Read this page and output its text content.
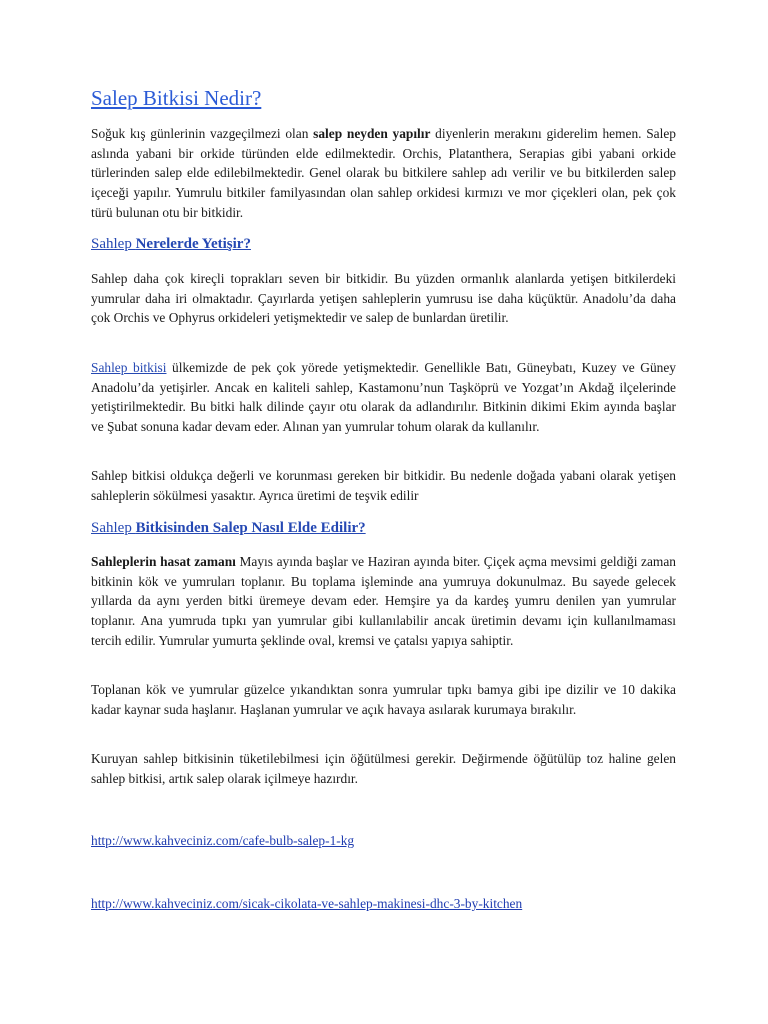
Salep Bitkisi Nedir?

Soğuk kış günlerinin vazgeçilmezi olan salep neyden yapılır diyenlerin merakını giderelim hemen. Salep aslında yabani bir orkide türünden elde edilmektedir. Orchis, Platanthera, Serapias gibi yabani orkide türlerinden salep elde edilebilmektedir. Genel olarak bu bitkilere sahlep adı verilir ve bu bitkilerden salep içeceği yapılır. Yumrulu bitkiler familyasından olan sahlep orkidesi kırmızı ve mor çiçekleri olan, pek çok türü bulunan otu bir bitkidir.

Sahlep Nerelerde Yetişir?

Sahlep daha çok kireçli toprakları seven bir bitkidir. Bu yüzden ormanlık alanlarda yetişen bitkilerdeki yumrular daha iri olmaktadır. Çayırlarda yetişen sahleplerin yumrusu ise daha küçüktür. Anadolu’da daha çok Orchis ve Ophyrus orkideleri yetişmektedir ve salep de bunlardan üretilir.

Sahlep bitkisi ülkemizde de pek çok yörede yetişmektedir. Genellikle Batı, Güneybatı, Kuzey ve Güney Anadolu’da yetişirler. Ancak en kaliteli sahlep, Kastamonu’nun Taşköprü ve Yozgat’ın Akdağ ilçelerinde yetiştirilmektedir. Bu bitki halk dilinde çayır otu olarak da adlandırılır. Bitkinin dikimi Ekim ayında başlar ve Şubat sonuna kadar devam eder. Alınan yan yumrular tohum olarak da kullanılır.

Sahlep bitkisi oldukça değerli ve korunması gereken bir bitkidir. Bu nedenle doğada yabani olarak yetişen sahleplerin sökülmesi yasaktır. Ayrıca üretimi de teşvik edilir

Sahlep Bitkisinden Salep Nasıl Elde Edilir?

Sahleplerin hasat zamanı Mayıs ayında başlar ve Haziran ayında biter. Çiçek açma mevsimi geldiği zaman bitkinin kök ve yumruları toplanır. Bu toplama işleminde ana yumruya dokunulmaz. Bu sayede gelecek yıllarda da aynı yerden bitki üremeye devam eder. Hemşire ya da kardeş yumru denilen yan yumrular toplanır. Ana yumruda tıpkı yan yumrular gibi kullanılabilir ancak üretimin devamı için kullanılmaması tercih edilir. Yumrular yumurta şeklinde oval, kremsi ve çatalsı yapıya sahiptir.

Toplanan kök ve yumrular güzelce yıkandıktan sonra yumrular tıpkı bamya gibi ipe dizilir ve 10 dakika kadar kaynar suda haşlanır. Haşlanan yumrular ve açık havaya asılarak kurumaya bırakılır.

Kuruyan sahlep bitkisinin tüketilebilmesi için öğütülmesi gerekir. Değirmende öğütülüp toz haline gelen sahlep bitkisi, artık salep olarak içilmeye hazırdır.

http://www.kahveciniz.com/cafe-bulb-salep-1-kg
http://www.kahveciniz.com/sicak-cikolata-ve-sahlep-makinesi-dhc-3-by-kitchen
